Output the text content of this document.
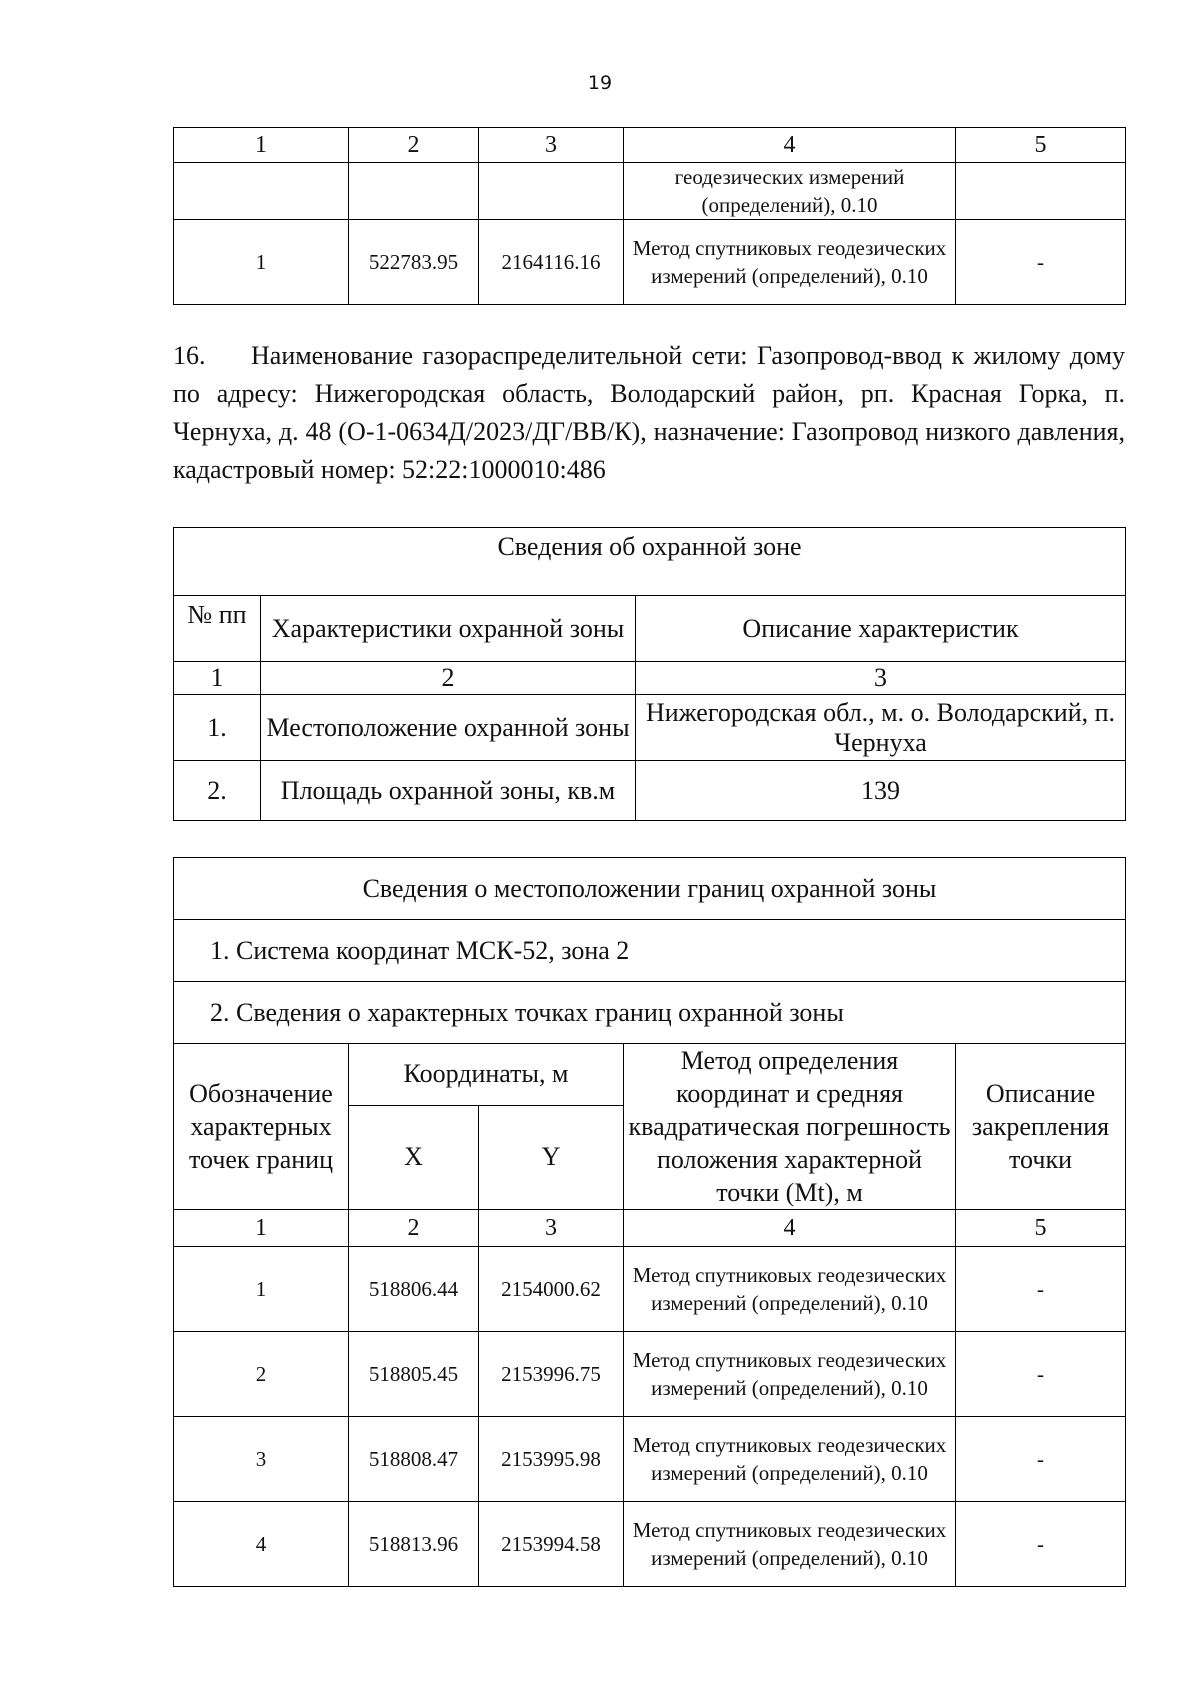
19
1	2	3	4	5
			геодезических измерений (определений), 0.10	
1	522783.95	2164116.16	Метод спутниковых геодезических измерений (определений), 0.10	-
16. Наименование газораспределительной сети: Газопровод-ввод к жилому дому по адресу: Нижегородская область, Володарский район, рп. Красная Горка, п. Чернуха, д. 48 (О-1-0634Д/2023/ДГ/ВВ/К), назначение: Газопровод низкого давления, кадастровый номер: 52:22:1000010:486
Сведения об охранной зоне		
№ пп	Характеристики охранной зоны	Описание характеристик
1	2	3
1.	Местоположение охранной зоны	Нижегородская обл., м. о. Володарский, п. Чернуха
2.	Площадь охранной зоны, кв.м	139
Сведения о местоположении границ охранной зоны				
1. Система координат МСК-52, зона 2				
2. Сведения о характерных точках границ охранной зоны				
Обозначение характерных точек границ	Координаты, м		Метод определения координат и средняя квадратическая погрешность положения характерной точки (Mt), м	Описание закрепления точки
	X	Y		
1	2	3	4	5
1	518806.44	2154000.62	Метод спутниковых геодезических измерений (определений), 0.10	-
2	518805.45	2153996.75	Метод спутниковых геодезических измерений (определений), 0.10	-
3	518808.47	2153995.98	Метод спутниковых геодезических измерений (определений), 0.10	-
4	518813.96	2153994.58	Метод спутниковых геодезических измерений (определений), 0.10	-
